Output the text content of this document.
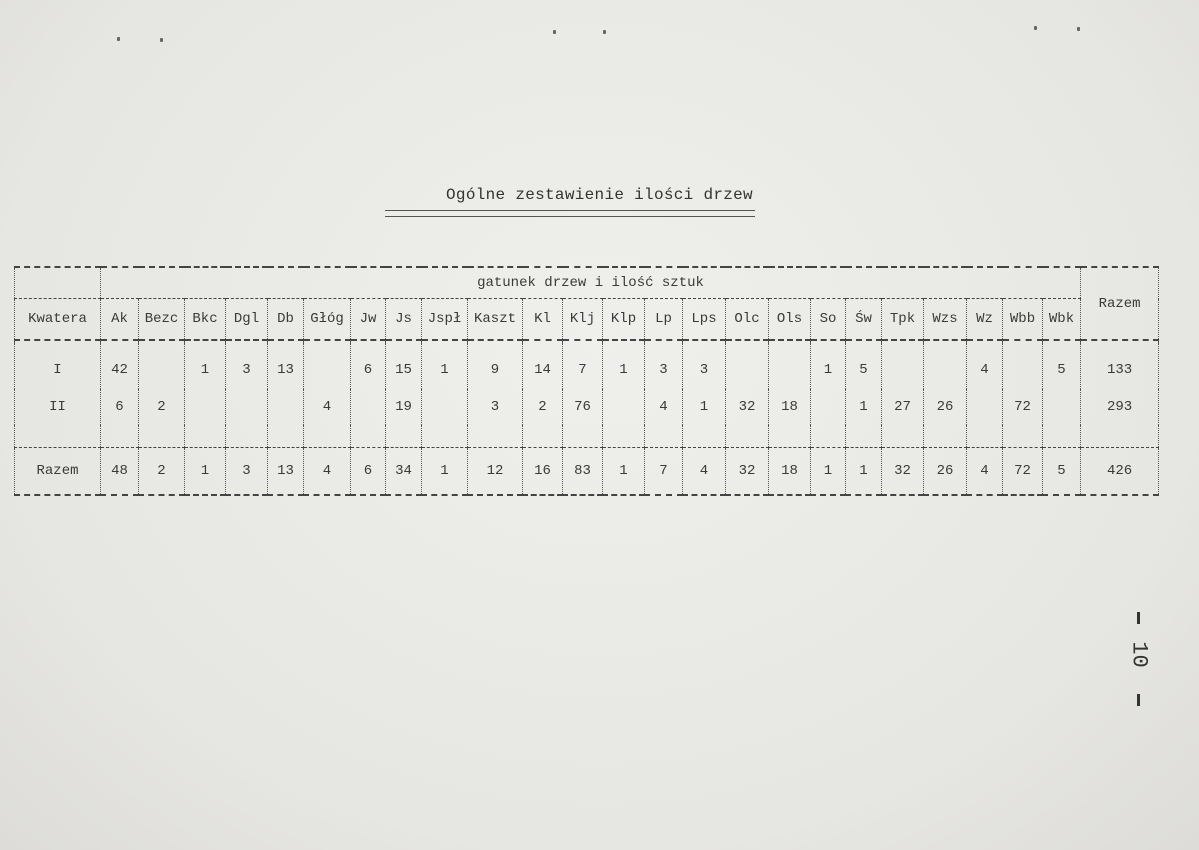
Ogólne zestawienie ilości drzew

	gatunek drzew i ilość sztuk																								Razem
Kwatera	Ak	Bezc	Bkc	Dgl	Db	Głóg	Jw	Js	Jspł	Kaszt	Kl	Klj	Klp	Lp	Lps	Olc	Ols	So	Św	Tpk	Wzs	Wz	Wbb	Wbk	

I	42		1	3	13		6	15	1	9	14	7	1	3	3			1	5			4		5	133
II	6	2				4		19		3	2	76		4	1	32	18		1	27	26		72		293

Razem	48	2	1	3	13	4	6	34	1	12	16	83	1	7	4	32	18	1	1	32	26	4	72	5	426

10
